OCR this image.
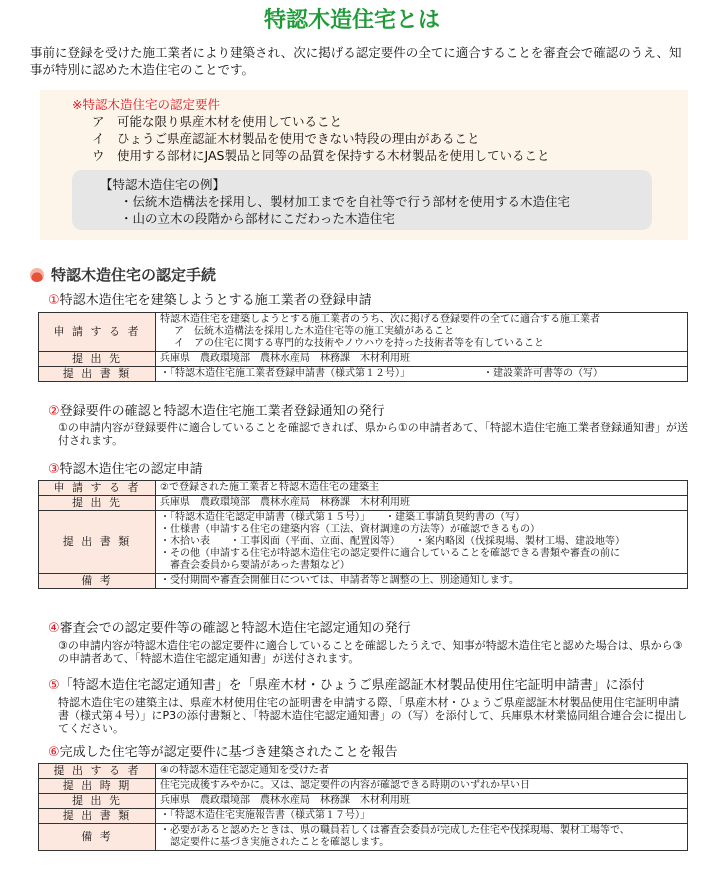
特認木造住宅とは
事前に登録を受けた施工業者により建築され、次に掲げる認定要件の全てに適合することを審査会で確認のうえ、知事が特別に認めた木造住宅のことです。
※特認木造住宅の認定要件
ア 可能な限り県産木材を使用していること
イ ひょうご県産認証木材製品を使用できない特段の理由があること
ウ 使用する部材にJAS製品と同等の品質を保持する木材製品を使用していること
【特認木造住宅の例】
・伝統木造構法を採用し、製材加工までを自社等で行う部材を使用する木造住宅
・山の立木の段階から部材にこだわった木造住宅
特認木造住宅の認定手続
①特認木造住宅を建築しようとする施工業者の登録申請
申 請 す る 者	特認木造住宅を建築しようとする施工業者のうち、次に掲げる登録要件の全てに適合する施工業者
ア　伝統木造構法を採用した木造住宅等の施工実績があること
イ　アの住宅に関する専門的な技術やノウハウを持った技術者等を有していること

提 出 先	兵庫県　農政環境部　農林水産局　林務課　木材利用班
提 出 書 類	・「特認木造住宅施工業者登録申請書（様式第１２号）」 ・建設業許可書等の（写）
②登録要件の確認と特認木造住宅施工業者登録通知の発行
①の申請内容が登録要件に適合していることを確認できれば、県から①の申請者あて、「特認木造住宅施工業者登録通知書」が送付されます。
③特認木造住宅の認定申請
申 請 す る 者	②で登録された施工業者と特認木造住宅の建築主
提 出 先	兵庫県　農政環境部　農林水産局　林務課　木材利用班
提 出 書 類	・「特認木造住宅認定申請書（様式第１５号）」　　・建築工事請負契約書の（写）
・仕様書（申請する住宅の建築内容（工法、資材調達の方法等）が確認できるもの）
・木拾い表　　・工事図面（平面、立面、配置図等）　　・案内略図（伐採現場、製材工場、建設地等）
・その他（申請する住宅が特認木造住宅の認定要件に適合していることを確認できる書類や審査の前に
　審査会委員から要請があった書類など）

備 考	・受付期間や審査会開催日については、申請者等と調整の上、別途通知します。
④審査会での認定要件等の確認と特認木造住宅認定通知の発行
③の申請内容が特認木造住宅の認定要件に適合していることを確認したうえで、知事が特認木造住宅と認めた場合は、県から③の申請者あて、「特認木造住宅認定通知書」が送付されます。
⑤「特認木造住宅認定通知書」を「県産木材・ひょうご県産認証木材製品使用住宅証明申請書」に添付
特認木造住宅の建築主は、県産木材使用住宅の証明書を申請する際、「県産木材・ひょうご県産認証木材製品使用住宅証明申請書（様式第４号）」にP3の添付書類と、「特認木造住宅認定通知書」の（写）を添付して、兵庫県木材業協同組合連合会に提出してください。
⑥完成した住宅等が認定要件に基づき建築されたことを報告
提 出 す る 者	④の特認木造住宅認定通知を受けた者
提 出 時 期	住宅完成後すみやかに。又は、認定要件の内容が確認できる時期のいずれか早い日
提 出 先	兵庫県　農政環境部　農林水産局　林務課　木材利用班
提 出 書 類	・「特認木造住宅実施報告書（様式第１７号）」
備 考	・必要があると認めたときは、県の職員若しくは審査会委員が完成した住宅や伐採現場、製材工場等で、
　認定要件に基づき実施されたことを確認します。
